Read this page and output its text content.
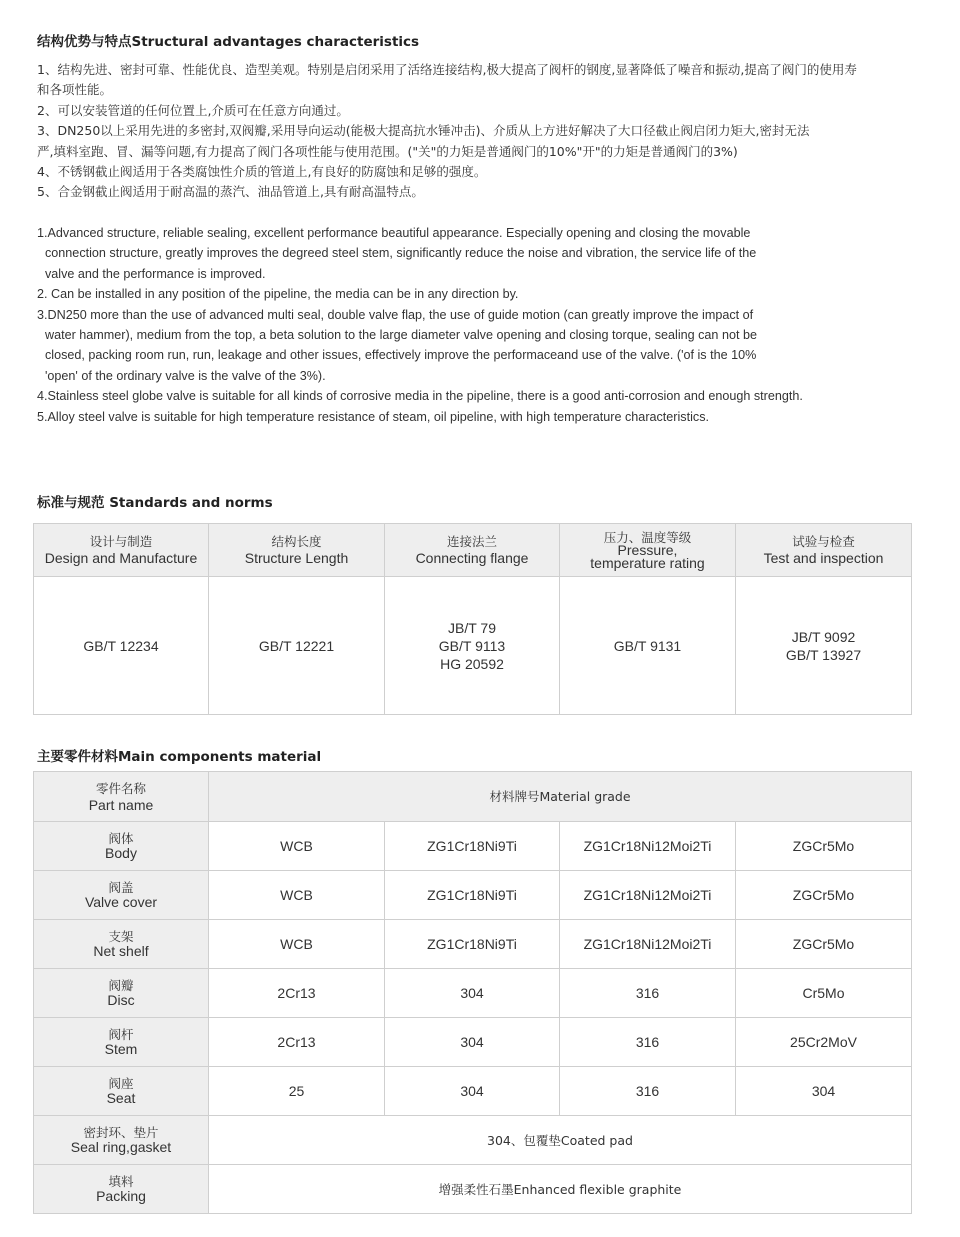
结构优势与特点Structural advantages characteristics

1、结构先进、密封可靠、性能优良、造型美观。特别是启闭采用了活络连接结构,极大提高了阀杆的钢度,显著降低了噪音和振动,提高了阀门的使用寿

和各项性能。

2、可以安装管道的任何位置上,介质可在任意方向通过。

3、DN250以上采用先进的多密封,双阀瓣,采用导向运动(能极大提高抗水锤冲击)、介质从上方进好解决了大口径截止阀启闭力矩大,密封无法

严,填料室跑、冒、漏等问题,有力提高了阀门各项性能与使用范围。("关"的力矩是普通阀门的10%"开"的力矩是普通阀门的3%)

4、不锈钢截止阀适用于各类腐蚀性介质的管道上,有良好的防腐蚀和足够的强度。

5、合金钢截止阀适用于耐高温的蒸汽、油品管道上,具有耐高温特点。

1.Advanced structure, reliable sealing, excellent performance beautiful appearance. Especially opening and closing the movable

connection structure, greatly improves the degreed steel stem, significantly reduce the noise and vibration, the service life of the

valve and the performance is improved.

2. Can be installed in any position of the pipeline, the media can be in any direction by.

3.DN250 more than the use of advanced multi seal, double valve flap, the use of guide motion (can greatly improve the impact of

water hammer), medium from the top, a beta solution to the large diameter valve opening and closing torque, sealing can not be

closed, packing room run, run, leakage and other issues, effectively improve the performaceand use of the valve. ('of is the 10%

'open' of the ordinary valve is the valve of the 3%).

4.Stainless steel globe valve is suitable for all kinds of corrosive media in the pipeline, there is a good anti-corrosion and enough strength.

5.Alloy steel valve is suitable for high temperature resistance of steam, oil pipeline, with high temperature characteristics.

标准与规范 Standards and norms
设计与制造
Design and Manufacture	结构长度
Structure Length	连接法兰
Connecting flange	压力、温度等级
Pressure,
temperature rating	试验与检查
Test and inspection

GB/T 12234	GB/T 12221	JB/T 79
GB/T 9113
HG 20592	GB/T 9131	JB/T 9092
GB/T 13927
主要零件材料Main components material
零件名称
Part name	材料牌号Material grade			

阀体
Body	WCB	ZG1Cr18Ni9Ti	ZG1Cr18Ni12Moi2Ti	ZGCr5Mo

阀盖
Valve cover	WCB	ZG1Cr18Ni9Ti	ZG1Cr18Ni12Moi2Ti	ZGCr5Mo

支架
Net shelf	WCB	ZG1Cr18Ni9Ti	ZG1Cr18Ni12Moi2Ti	ZGCr5Mo

阀瓣
Disc	2Cr13	304	316	Cr5Mo

阀杆
Stem	2Cr13	304	316	25Cr2MoV

阀座
Seat	25	304	316	304

密封环、垫片
Seal ring,gasket	304、包覆垫Coated pad			

填料
Packing	增强柔性石墨Enhanced flexible graphite			
